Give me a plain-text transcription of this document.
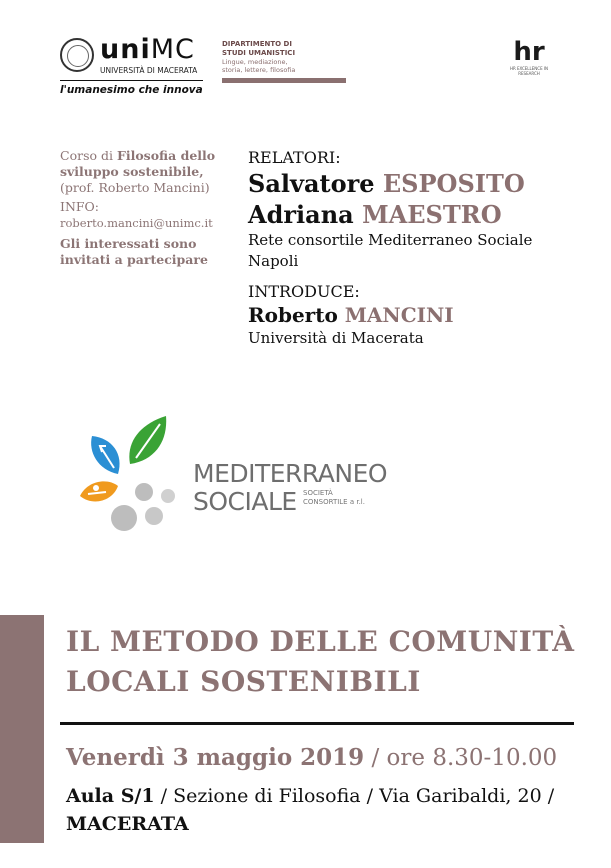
uniMC
UNIVERSITÀ DI MACERATA
l'umanesimo che innova
DIPARTIMENTO DI
STUDI UMANISTICI
Lingue, mediazione,
storia, lettere, filosofia
hr
HR EXCELLENCE IN RESEARCH
Corso di Filosofia dello sviluppo sostenibile,
(prof. Roberto Mancini)
INFO:
roberto.mancini@unimc.it
Gli interessati sono invitati a partecipare
RELATORI:
Salvatore ESPOSITO
Adriana MAESTRO
Rete consortile Mediterraneo Sociale
Napoli
INTRODUCE:
Roberto MANCINI
Università di Macerata
MEDITERRANEO
SOCIALE SOCIETÀ
CONSORTILE a r.l.
IL METODO DELLE COMUNITÀ
LOCALI SOSTENIBILI
Venerdì 3 maggio 2019 / ore 8.30-10.00
Aula S/1 / Sezione di Filosofia / Via Garibaldi, 20 / MACERATA
